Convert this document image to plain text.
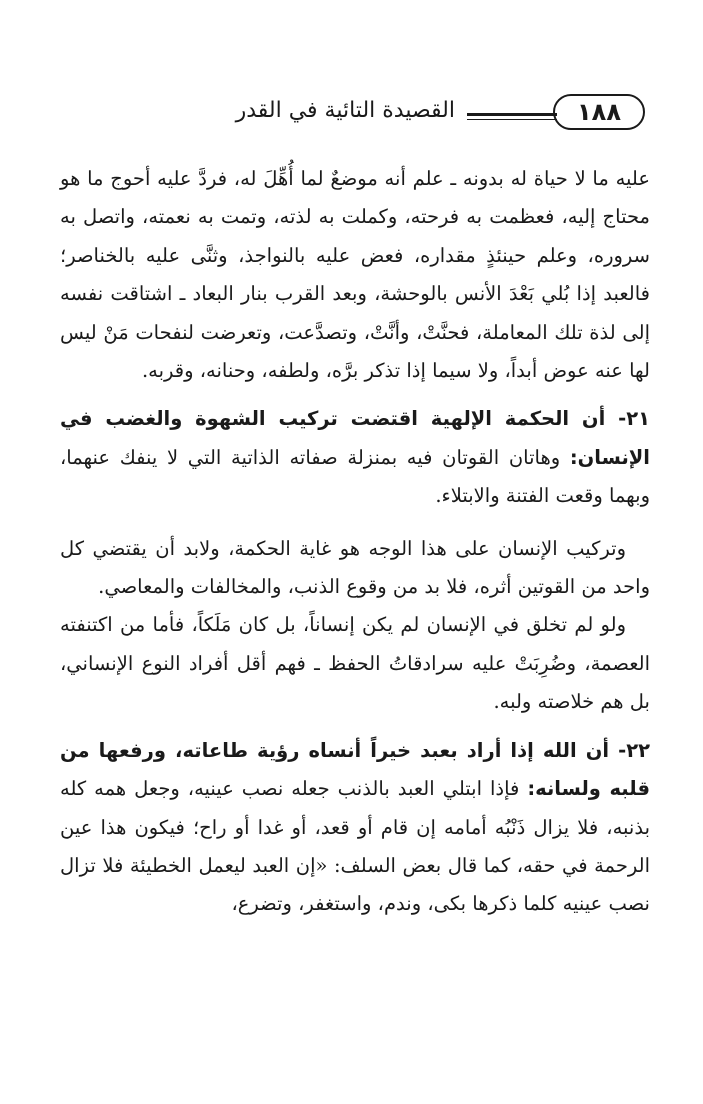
١٨٨
القصيدة التائية في القدر

عليه ما لا حياة له بدونه ـ علم أنه موضعٌ لما أُهِّلَ له، فردَّ عليه أحوج ما هو محتاج إليه، فعظمت به فرحته، وكملت به لذته، وتمت به نعمته، واتصل به سروره، وعلم حينئذٍ مقداره، فعض عليه بالنواجذ، وثنَّى عليه بالخناصر؛ فالعبد إذا بُلي بَعْدَ الأنس بالوحشة، وبعد القرب بنار البعاد ـ اشتاقت نفسه إلى لذة تلك المعاملة، فحنَّتْ، وأنَّتْ، وتصدَّعت، وتعرضت لنفحات مَنْ ليس لها عنه عوض أبداً، ولا سيما إذا تذكر برَّه، ولطفه، وحنانه، وقربه.

٢١- أن الحكمة الإلهية اقتضت تركيب الشهوة والغضب في الإنسان: وهاتان القوتان فيه بمنزلة صفاته الذاتية التي لا ينفك عنهما، وبهما وقعت الفتنة والابتلاء.

وتركيب الإنسان على هذا الوجه هو غاية الحكمة، ولابد أن يقتضي كل واحد من القوتين أثره، فلا بد من وقوع الذنب، والمخالفات والمعاصي.

ولو لم تخلق في الإنسان لم يكن إنساناً، بل كان مَلَكاً، فأما من اكتنفته العصمة، وضُرِبَتْ عليه سرادقاتُ الحفظ ـ فهم أقل أفراد النوع الإنساني، بل هم خلاصته ولبه.

٢٢- أن الله إذا أراد بعبد خيراً أنساه رؤية طاعاته، ورفعها من قلبه ولسانه: فإذا ابتلي العبد بالذنب جعله نصب عينيه، وجعل همه كله بذنبه، فلا يزال ذَنْبُه أمامه إن قام أو قعد، أو غدا أو راح؛ فيكون هذا عين الرحمة في حقه، كما قال بعض السلف: «إن العبد ليعمل الخطيئة فلا تزال نصب عينيه كلما ذكرها بكى، وندم، واستغفر، وتضرع،
